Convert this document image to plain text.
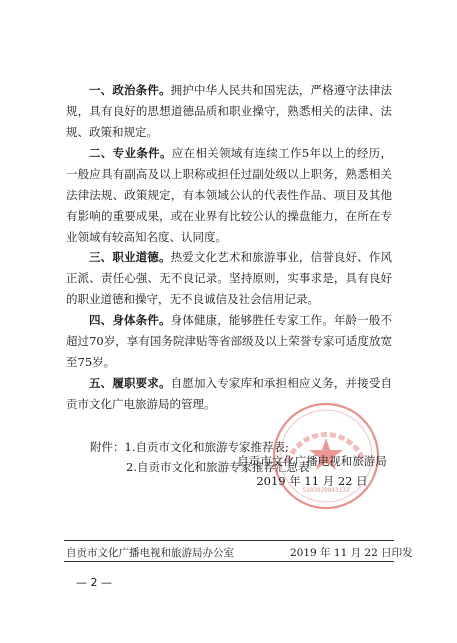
一、政治条件。拥护中华人民共和国宪法，严格遵守法律法规，具有良好的思想道德品质和职业操守，熟悉相关的法律、法规、政策和规定。

二、专业条件。应在相关领域有连续工作5年以上的经历，一般应具有副高及以上职称或担任过副处级以上职务，熟悉相关法律法规、政策规定，有本领域公认的代表性作品、项目及其他有影响的重要成果，或在业界有比较公认的操盘能力，在所在专业领域有较高知名度、认同度。

三、职业道德。热爱文化艺术和旅游事业，信誉良好、作风正派、责任心强、无不良记录。坚持原则，实事求是，具有良好的职业道德和操守，无不良诚信及社会信用记录。

四、身体条件。身体健康，能够胜任专家工作。年龄一般不超过70岁，享有国务院津贴等省部级及以上荣誉专家可适度放宽至75岁。

五、履职要求。自愿加入专家库和承担相应义务，并接受自贡市文化广电旅游局的管理。

附件：1.自贡市文化和旅游专家推荐表;

2.自贡市文化和旅游专家推荐汇总表

5103020043133

自贡市文化广播电视和旅游局

2019 年 11 月 22 日

自贡市文化广播电视和旅游局办公室	2019 年 11 月 22 日印发

— 2 —
